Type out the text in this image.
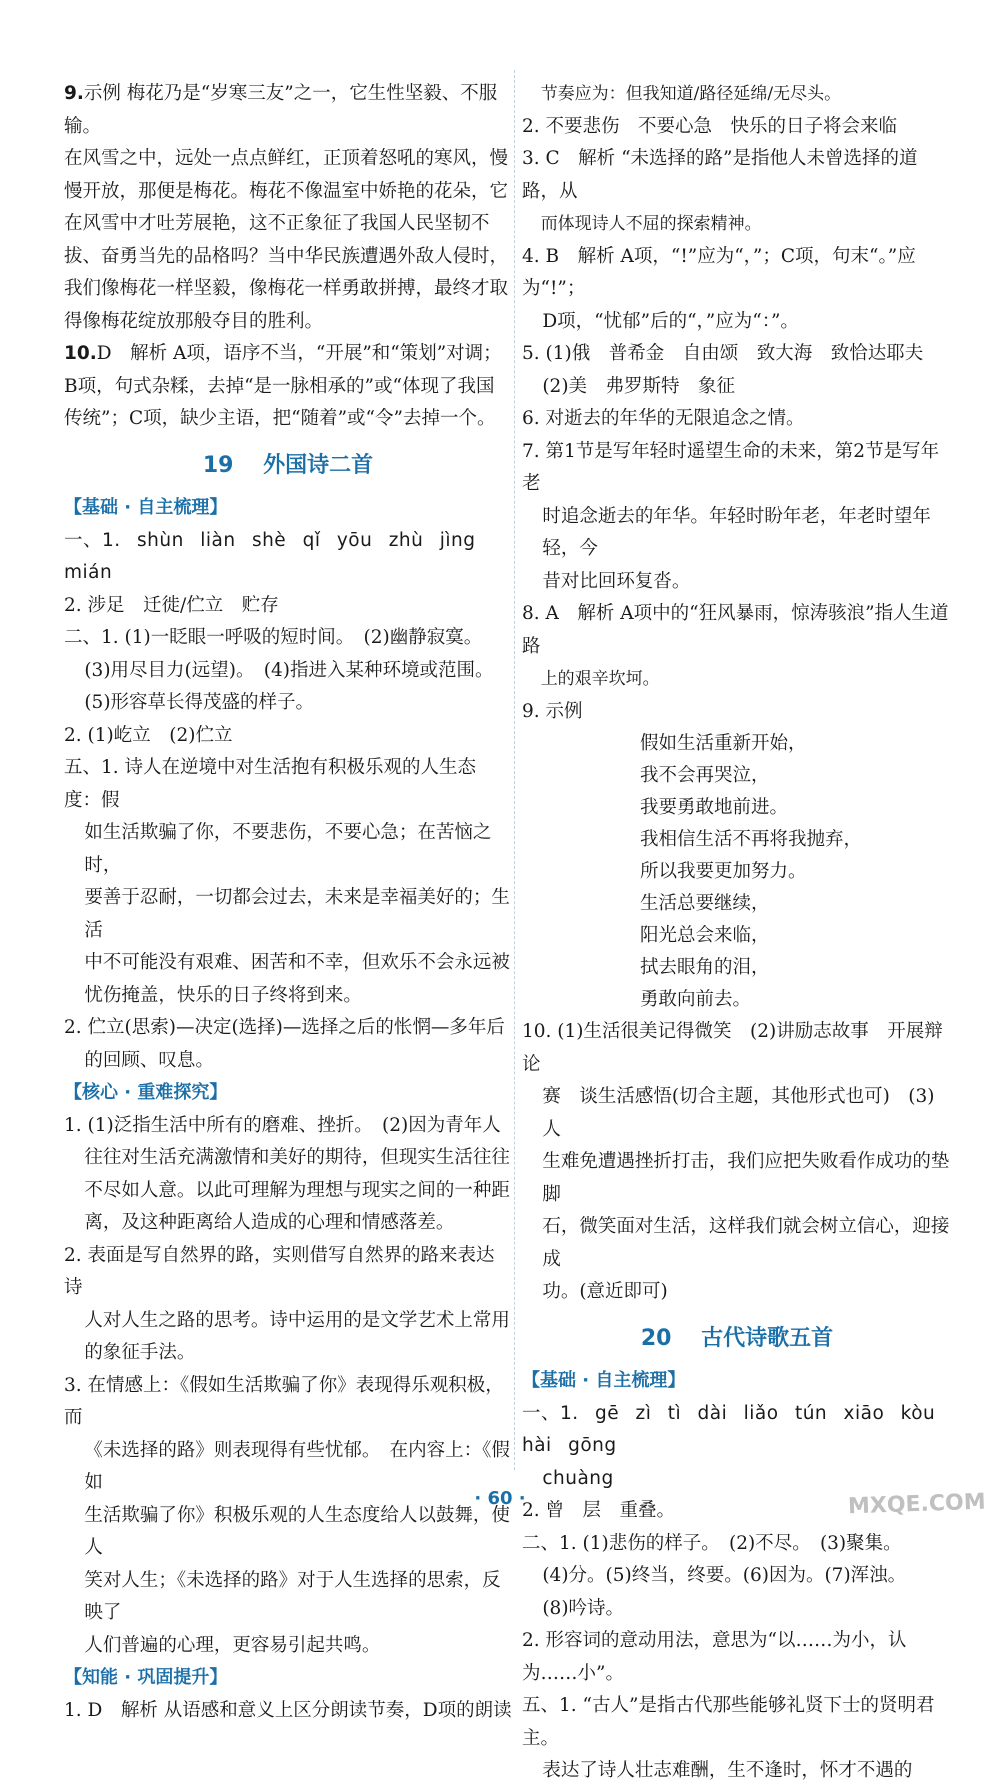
9.示例 梅花乃是“岁寒三友”之一，它生性坚毅、不服输。
在风雪之中，远处一点点鲜红，正顶着怒吼的寒风，慢
慢开放，那便是梅花。梅花不像温室中娇艳的花朵，它
在风雪中才吐芳展艳，这不正象征了我国人民坚韧不
拔、奋勇当先的品格吗？当中华民族遭遇外敌人侵时，
我们像梅花一样坚毅，像梅花一样勇敢拼搏，最终才取
得像梅花绽放那般夺目的胜利。
10.D　解析 A项，语序不当，“开展”和“策划”对调；
B项，句式杂糅，去掉“是一脉相承的”或“体现了我国
传统”；C项，缺少主语，把“随着”或“令”去掉一个。
19 外国诗二首
【基础 · 自主梳理】
一、1. shùn liàn shè qǐ yōu zhù jìng mián
2. 涉足　迁徙/伫立　贮存
二、1. (1)一眨眼一呼吸的短时间。　(2)幽静寂寞。
(3)用尽目力(远望)。　(4)指进入某种环境或范围。
(5)形容草长得茂盛的样子。
2. (1)屹立　(2)伫立
五、1. 诗人在逆境中对生活抱有积极乐观的人生态度：假
如生活欺骗了你，不要悲伤，不要心急；在苦恼之时，
要善于忍耐，一切都会过去，未来是幸福美好的；生活
中不可能没有艰难、困苦和不幸，但欢乐不会永远被
忧伤掩盖，快乐的日子终将到来。
2. 伫立(思索)—决定(选择)—选择之后的怅惘—多年后
的回顾、叹息。
【核心 · 重难探究】
1. (1)泛指生活中所有的磨难、挫折。　(2)因为青年人
往往对生活充满激情和美好的期待，但现实生活往往
不尽如人意。以此可理解为理想与现实之间的一种距
离，及这种距离给人造成的心理和情感落差。
2. 表面是写自然界的路，实则借写自然界的路来表达诗
人对人生之路的思考。诗中运用的是文学艺术上常用
的象征手法。
3. 在情感上：《假如生活欺骗了你》表现得乐观积极，而
《未选择的路》则表现得有些忧郁。　在内容上：《假如
生活欺骗了你》积极乐观的人生态度给人以鼓舞，使人
笑对人生；《未选择的路》对于人生选择的思索，反映了
人们普遍的心理，更容易引起共鸣。
【知能 · 巩固提升】
1. D　解析 从语感和意义上区分朗读节奏，D项的朗读
节奏应为：但我知道/路径延绵/无尽头。
2. 不要悲伤　不要心急　快乐的日子将会来临
3. C　解析 “未选择的路”是指他人未曾选择的道路，从
而体现诗人不屈的探索精神。
4. B　解析 A项，“!”应为“，”；C项，句末“。”应为“!”；
D项，“忧郁”后的“，”应为“：”。
5. (1)俄　普希金　自由颂　致大海　致恰达耶夫
(2)美　弗罗斯特　象征
6. 对逝去的年华的无限追念之情。
7. 第1节是写年轻时遥望生命的未来，第2节是写年老
时追念逝去的年华。年轻时盼年老，年老时望年轻，今
昔对比回环复沓。
8. A　解析 A项中的“狂风暴雨，惊涛骇浪”指人生道路
上的艰辛坎坷。
9. 示例
假如生活重新开始，
我不会再哭泣，
我要勇敢地前进。
我相信生活不再将我抛弃，
所以我要更加努力。
生活总要继续，
阳光总会来临，
拭去眼角的泪，
勇敢向前去。
10. (1)生活很美记得微笑　(2)讲励志故事　开展辩论
赛　谈生活感悟(切合主题，其他形式也可)　(3)人
生难免遭遇挫折打击，我们应把失败看作成功的垫脚
石，微笑面对生活，这样我们就会树立信心，迎接成
功。(意近即可)
20 古代诗歌五首
【基础 · 自主梳理】
一、1. gē zì tì dài liǎo tún xiāo kòu hài gōng
chuàng
2. 曾　层　重叠。
二、1. (1)悲伤的样子。　(2)不尽。　(3)聚集。
(4)分。(5)终当，终要。(6)因为。(7)浑浊。
(8)吟诗。
2. 形容词的意动用法，意思为“以……为小，认为……小”。
五、1. “古人”是指古代那些能够礼贤下士的贤明君主。
表达了诗人壮志难酬，生不逢时，怀才不遇的
· 60 ·	MXQE.COM
